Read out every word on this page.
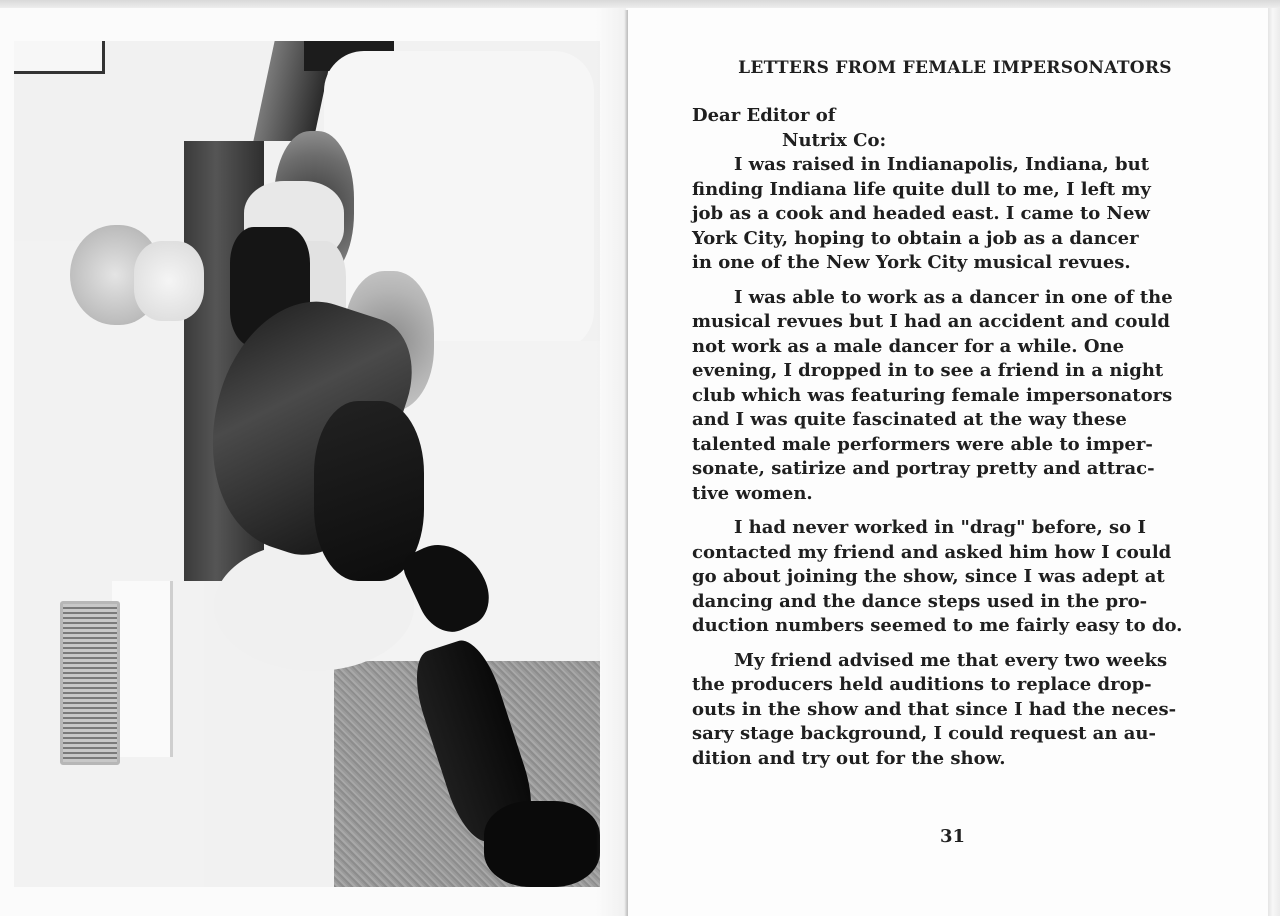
LETTERS FROM FEMALE IMPERSONATORS

Dear Editor of

Nutrix Co:

I was raised in Indianapolis, Indiana, but
finding Indiana life quite dull to me, I left my
job as a cook and headed east. I came to New
York City, hoping to obtain a job as a dancer
in one of the New York City musical revues.

I was able to work as a dancer in one of the
musical revues but I had an accident and could
not work as a male dancer for a while. One
evening, I dropped in to see a friend in a night
club which was featuring female impersonators
and I was quite fascinated at the way these
talented male performers were able to imper-
sonate, satirize and portray pretty and attrac-
tive women.

I had never worked in "drag" before, so I
contacted my friend and asked him how I could
go about joining the show, since I was adept at
dancing and the dance steps used in the pro-
duction numbers seemed to me fairly easy to do.

My friend advised me that every two weeks
the producers held auditions to replace drop-
outs in the show and that since I had the neces-
sary stage background, I could request an au-
dition and try out for the show.

31
